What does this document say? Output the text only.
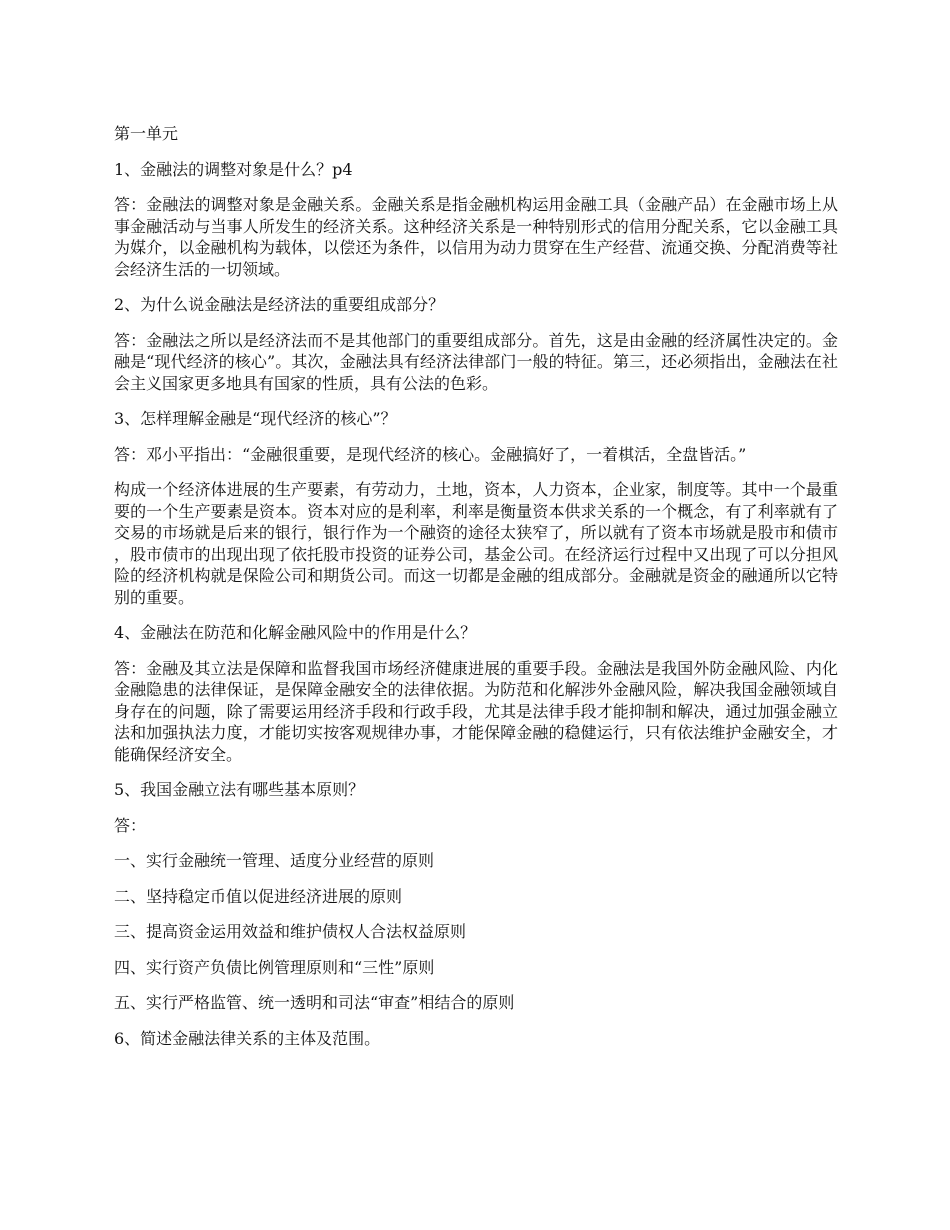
第一单元

1、金融法的调整对象是什么？p4

答：金融法的调整对象是金融关系。金融关系是指金融机构运用金融工具（金融产品）在金融市场上从事金融活动与当事人所发生的经济关系。这种经济关系是一种特别形式的信用分配关系，它以金融工具为媒介，以金融机构为载体，以偿还为条件，以信用为动力贯穿在生产经营、流通交换、分配消费等社会经济生活的一切领域。

2、为什么说金融法是经济法的重要组成部分？

答：金融法之所以是经济法而不是其他部门的重要组成部分。首先，这是由金融的经济属性决定的。金融是“现代经济的核心”。其次，金融法具有经济法律部门一般的特征。第三，还必须指出，金融法在社会主义国家更多地具有国家的性质，具有公法的色彩。

3、怎样理解金融是“现代经济的核心”？

答：邓小平指出：“金融很重要，是现代经济的核心。金融搞好了，一着棋活，全盘皆活。”

构成一个经济体进展的生产要素，有劳动力，土地，资本，人力资本，企业家，制度等。其中一个最重要的一个生产要素是资本。资本对应的是利率，利率是衡量资本供求关系的一个概念，有了利率就有了交易的市场就是后来的银行，银行作为一个融资的途径太狭窄了，所以就有了资本市场就是股市和债市，股市债市的出现出现了依托股市投资的证券公司，基金公司。在经济运行过程中又出现了可以分担风险的经济机构就是保险公司和期货公司。而这一切都是金融的组成部分。金融就是资金的融通所以它特别的重要。

4、金融法在防范和化解金融风险中的作用是什么？

答：金融及其立法是保障和监督我国市场经济健康进展的重要手段。金融法是我国外防金融风险、内化金融隐患的法律保证，是保障金融安全的法律依据。为防范和化解涉外金融风险，解决我国金融领域自身存在的问题，除了需要运用经济手段和行政手段，尤其是法律手段才能抑制和解决，通过加强金融立法和加强执法力度，才能切实按客观规律办事，才能保障金融的稳健运行，只有依法维护金融安全，才能确保经济安全。

5、我国金融立法有哪些基本原则？

答：

一、实行金融统一管理、适度分业经营的原则

二、坚持稳定币值以促进经济进展的原则

三、提高资金运用效益和维护债权人合法权益原则

四、实行资产负债比例管理原则和“三性”原则

五、实行严格监管、统一透明和司法“审查”相结合的原则

6、简述金融法律关系的主体及范围。
